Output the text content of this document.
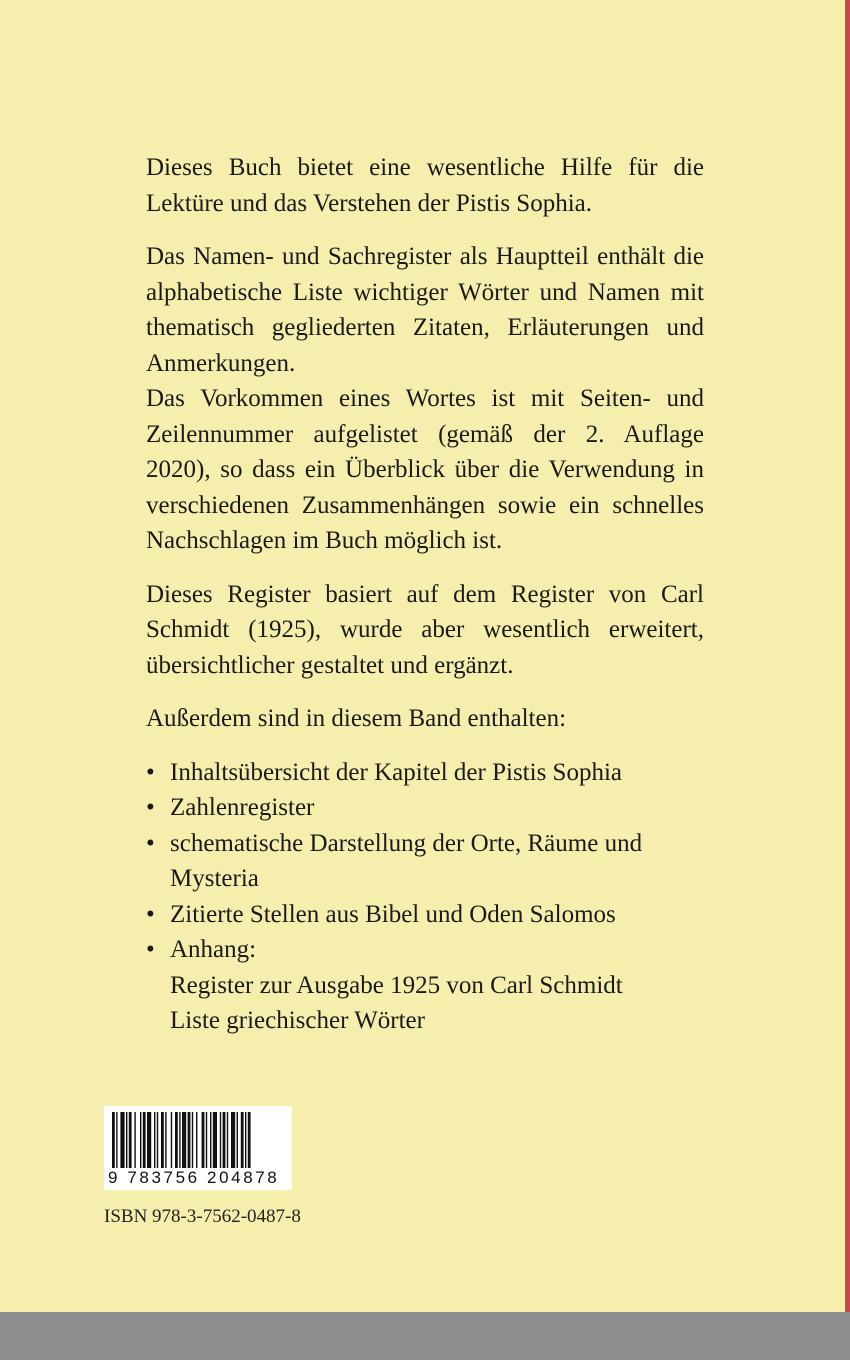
Dieses Buch bietet eine wesentliche Hilfe für die Lektüre und das Verstehen der Pistis Sophia.

Das Namen- und Sachregister als Hauptteil enthält die alphabetische Liste wichtiger Wörter und Namen mit thematisch gegliederten Zitaten, Erläuterungen und Anmerkungen.

Das Vorkommen eines Wortes ist mit Seiten- und Zeilennummer aufgelistet (gemäß der 2. Auflage 2020), so dass ein Überblick über die Verwendung in verschiedenen Zusammenhängen sowie ein schnelles Nachschlagen im Buch möglich ist.

Dieses Register basiert auf dem Register von Carl Schmidt (1925), wurde aber wesentlich erweitert, übersichtlicher gestaltet und ergänzt.

Außerdem sind in diesem Band enthalten:

• Inhaltsübersicht der Kapitel der Pistis Sophia
• Zahlenregister
• schematische Darstellung der Orte, Räume und Mysteria
• Zitierte Stellen aus Bibel und Oden Salomos
• Anhang:
Register zur Ausgabe 1925 von Carl Schmidt
Liste griechischer Wörter
9 783756 204878
ISBN 978-3-7562-0487-8
